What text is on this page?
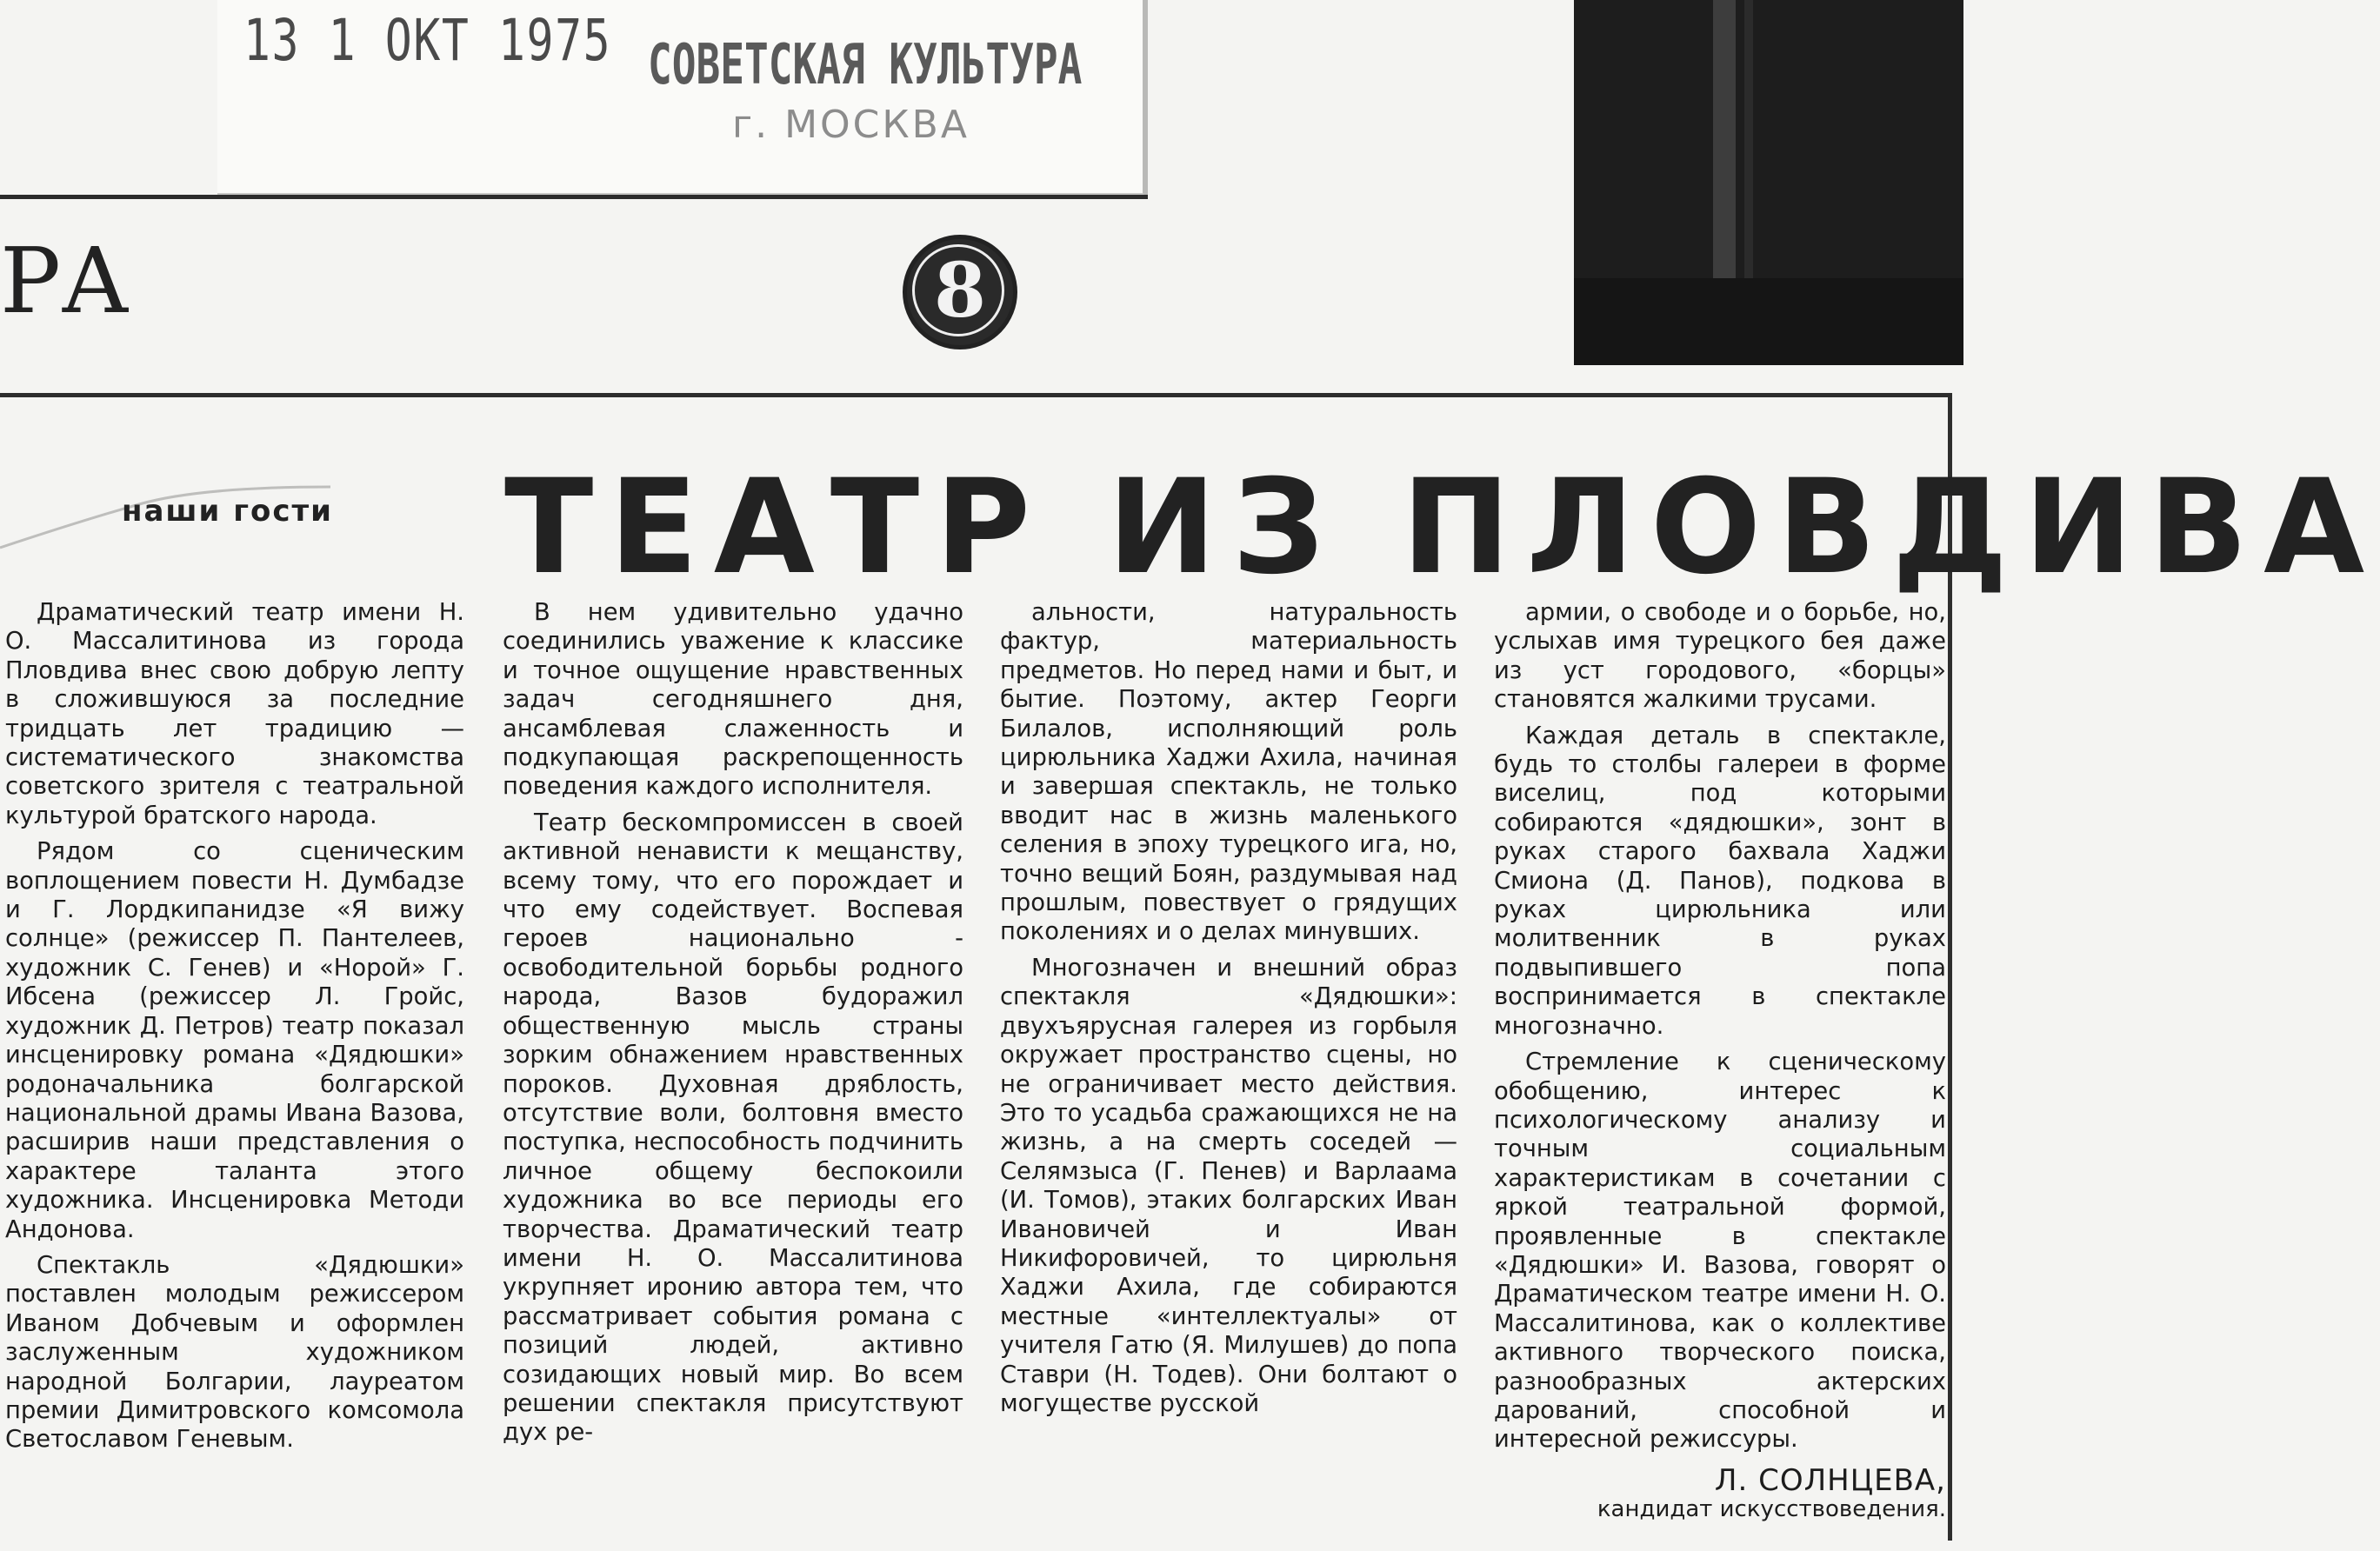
13 1 ОКТ 1975 СОВЕТСКАЯ КУЛЬТУРА
г. МОСКВА
РА	8
наши гости ТЕАТР ИЗ ПЛОВДИВА

Драматический театр имени Н. О. Массалитинова из города Пловдива внес свою добрую лепту в сложившуюся за последние тридцать лет традицию — систематического знакомства советского зрителя с театральной культурой братского народа.

Рядом со сценическим воплощением повести Н. Думбадзе и Г. Лордкипанидзе «Я вижу солнце» (режиссер П. Пантелеев, художник С. Генев) и «Норой» Г. Ибсена (режиссер Л. Гройс, художник Д. Петров) театр показал инсценировку романа «Дядюшки» родоначальника болгарской национальной драмы Ивана Вазова, расширив наши представления о характере таланта этого художника. Инсценировка Методи Андонова.

Спектакль «Дядюшки» поставлен молодым режиссером Иваном Добчевым и оформлен заслуженным художником народной Болгарии, лауреатом премии Димитровского комсомола Светославом Геневым.

В нем удивительно удачно соединились уважение к классике и точное ощущение нравственных задач сегодняшнего дня, ансамблевая слаженность и подкупающая раскрепощенность поведения каждого исполнителя.

Театр бескомпромиссен в своей активной ненависти к мещанству, всему тому, что его порождает и что ему содействует. Воспевая героев национально - освободительной борьбы родного народа, Вазов будоражил общественную мысль страны зорким обнажением нравственных пороков. Духовная дряблость, отсутствие воли, болтовня вместо поступка, неспособность подчинить личное общему беспокоили художника во все периоды его творчества. Драматический театр имени Н. О. Массалитинова укрупняет иронию автора тем, что рассматривает события романа с позиций людей, активно созидающих новый мир. Во всем решении спектакля присутствуют дух ре-

альности, натуральность фактур, материальность предметов. Но перед нами и быт, и бытие. Поэтому, актер Георги Билалов, исполняющий роль цирюльника Хаджи Ахила, начиная и завершая спектакль, не только вводит нас в жизнь маленького селения в эпоху турецкого ига, но, точно вещий Боян, раздумывая над прошлым, повествует о грядущих поколениях и о делах минувших.

Многозначен и внешний образ спектакля «Дядюшки»: двухъярусная галерея из горбыля окружает пространство сцены, но не ограничивает место действия. Это то усадьба сражающихся не на жизнь, а на смерть соседей — Селямзыса (Г. Пенев) и Варлаама (И. Томов), этаких болгарских Иван Ивановичей и Иван Никифоровичей, то цирюльня Хаджи Ахила, где собираются местные «интеллектуалы» от учителя Гатю (Я. Милушев) до попа Ставри (Н. Тодев). Они болтают о могуществе русской

армии, о свободе и о борьбе, но, услыхав имя турецкого бея даже из уст городового, «борцы» становятся жалкими трусами.

Каждая деталь в спектакле, будь то столбы галереи в форме виселиц, под которыми собираются «дядюшки», зонт в руках старого бахвала Хаджи Смиона (Д. Панов), подкова в руках цирюльника или молитвенник в руках подвыпившего попа воспринимается в спектакле многозначно.

Стремление к сценическому обобщению, интерес к психологическому анализу и точным социальным характеристикам в сочетании с яркой театральной формой, проявленные в спектакле «Дядюшки» И. Вазова, говорят о Драматическом театре имени Н. О. Массалитинова, как о коллективе активного творческого поиска, разнообразных актерских дарований, способной и интересной режиссуры.

Л. СОЛНЦЕВА,
кандидат искусствоведения.
